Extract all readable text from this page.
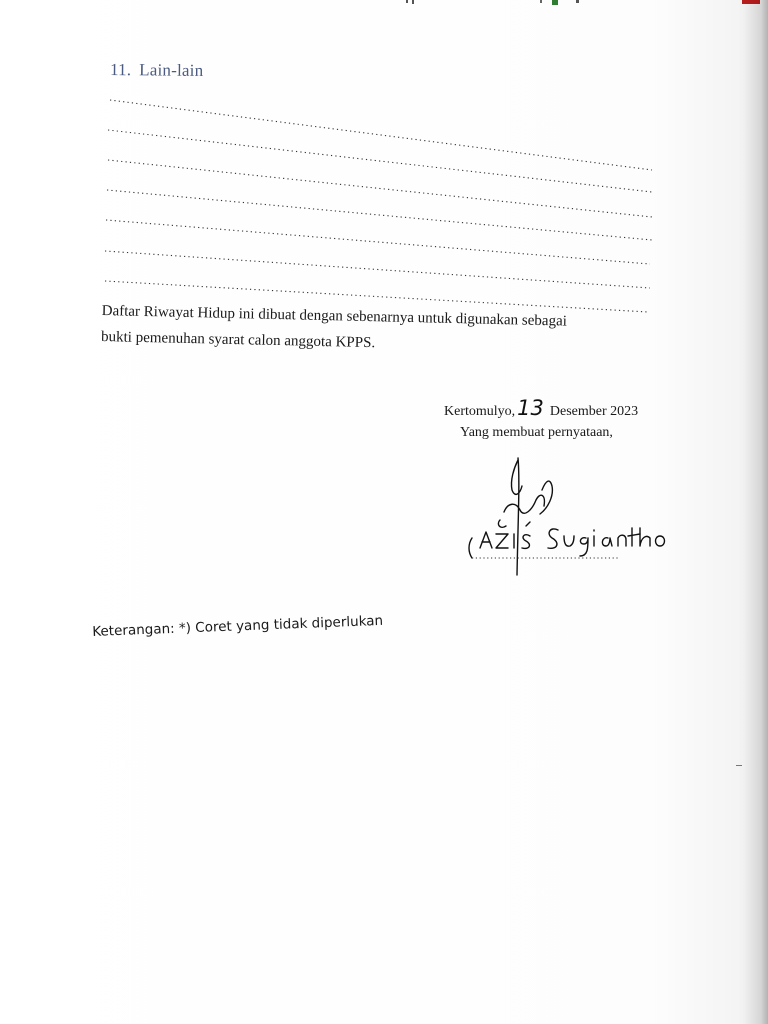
11. Lain-lain
Daftar Riwayat Hidup ini dibuat dengan sebenarnya untuk digunakan sebagai
bukti pemenuhan syarat calon anggota KPPS.
Kertomulyo,13 Desember 2023
Yang membuat pernyataan,
Keterangan: *) Coret yang tidak diperlukan
